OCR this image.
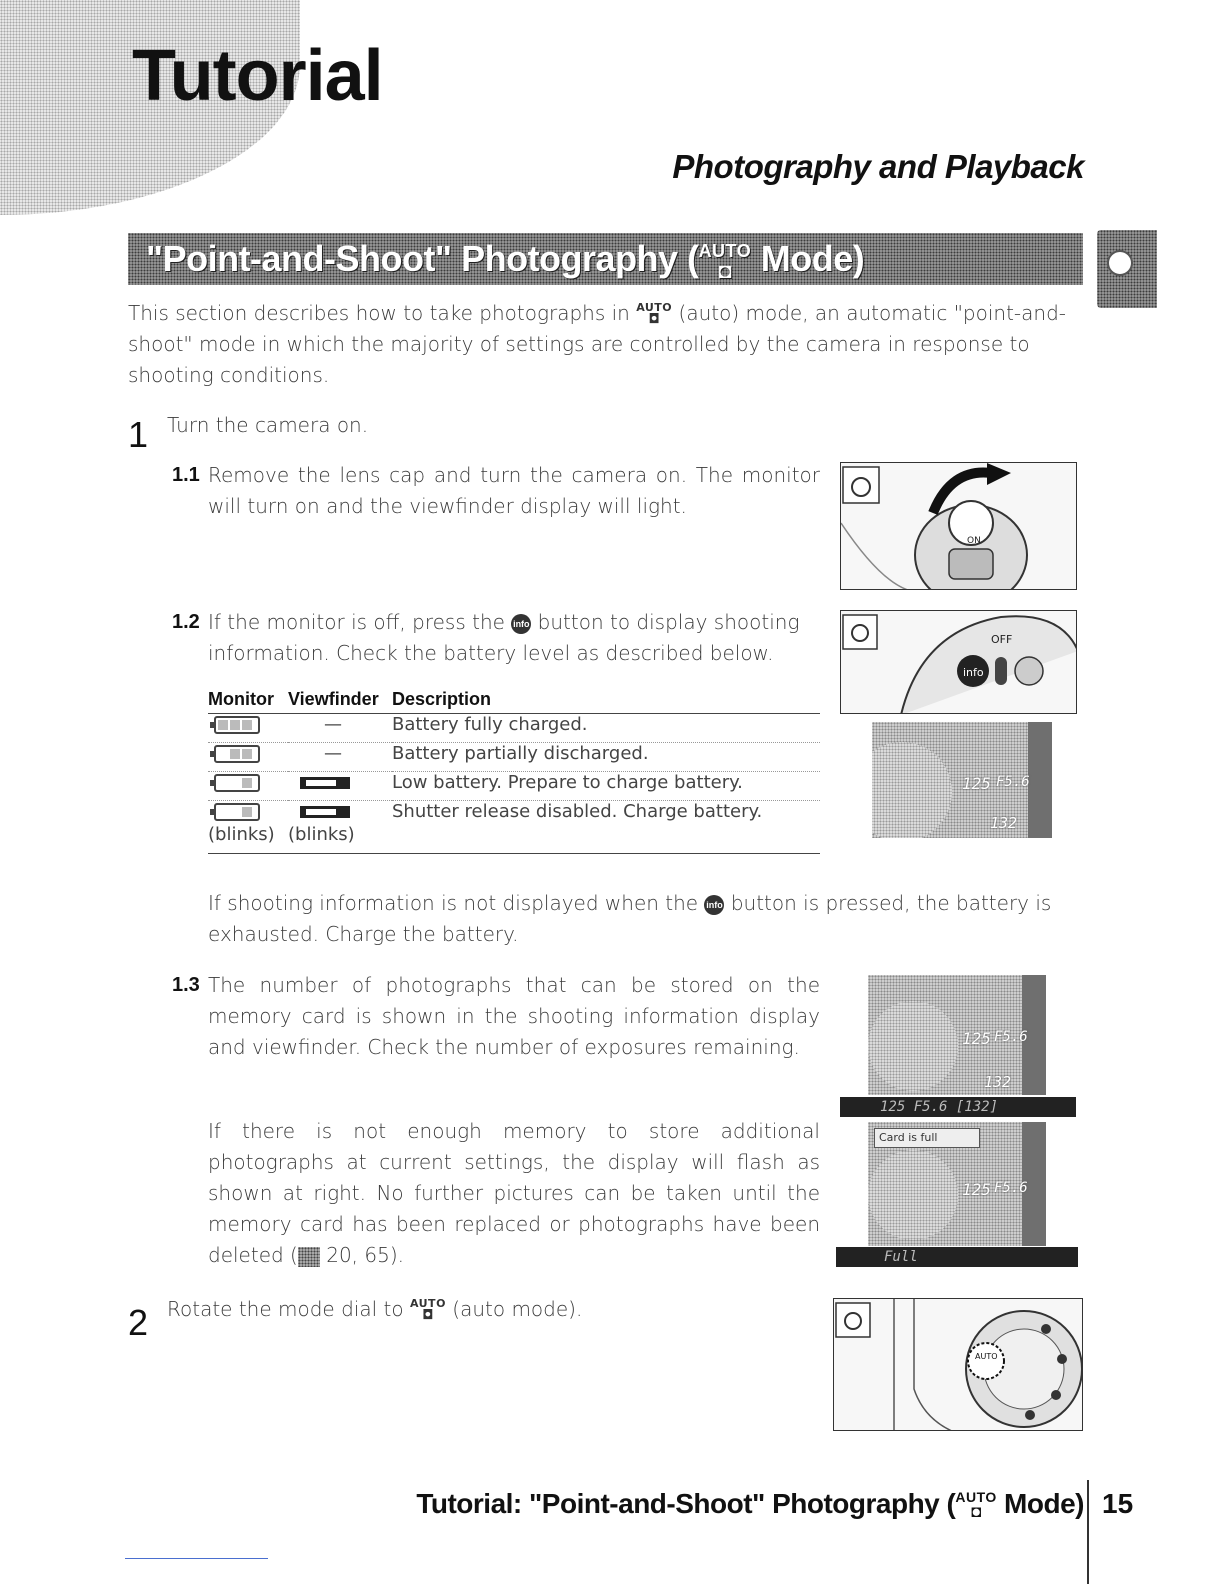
Tutorial
Photography and Playback
"Point-and-Shoot" Photography ( AUTO
◘ Mode)
This section describes how to take photographs in AUTO
◘ (auto) mode, an automatic "point-and-shoot" mode in which the majority of settings are controlled by the camera in response to shooting conditions.
1 Turn the camera on.
1.1 Remove the lens cap and turn the camera on. The monitor will turn on and the viewfinder display will light.
ON
1.2 If the monitor is off, press the info button to display shooting information. Check the battery level as described below.
info
OFF
Monitor	Viewfinder	Description

	—	Battery fully charged.

	—	Battery partially discharged.

		Low battery. Prepare to charge battery.

(blinks)	(blinks)	Shutter release disabled. Charge battery.
125 F5.6
132
If shooting information is not displayed when the info button is pressed, the battery is exhausted. Charge the battery.
1.3 The number of photographs that can be stored on the memory card is shown in the shooting information display and viewfinder. Check the number of exposures remaining.
If there is not enough memory to store additional photographs at current settings, the display will flash as shown at right. No further pictures can be taken until the memory card has been replaced or photographs have been deleted ( 20, 65).
125 F5.6
132
125 F5.6 [132]
Card is full
125 F5.6
Full
2 Rotate the mode dial to AUTO
◘ (auto mode).
AUTO
Tutorial: "Point-and-Shoot" Photography ( AUTO
◘ Mode) 15
